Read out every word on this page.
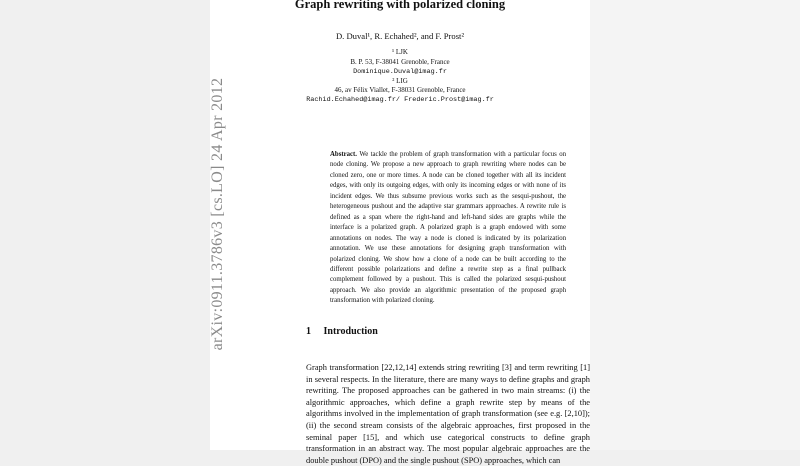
Graph rewriting with polarized cloning
D. Duval¹, R. Echahed², and F. Prost²
¹ LJK
B. P. 53, F-38041 Grenoble, France
Dominique.Duval@imag.fr
² LIG
46, av Félix Viallet, F-38031 Grenoble, France
Rachid.Echahed@imag.fr/ Frederic.Prost@imag.fr
Abstract. We tackle the problem of graph transformation with a particular focus on node cloning. We propose a new approach to graph rewriting where nodes can be cloned zero, one or more times. A node can be cloned together with all its incident edges, with only its outgoing edges, with only its incoming edges or with none of its incident edges. We thus subsume previous works such as the sesqui-pushout, the heterogeneous pushout and the adaptive star grammars approaches. A rewrite rule is defined as a span where the right-hand and left-hand sides are graphs while the interface is a polarized graph. A polarized graph is a graph endowed with some annotations on nodes. The way a node is cloned is indicated by its polarization annotation. We use these annotations for designing graph transformation with polarized cloning. We show how a clone of a node can be built according to the different possible polarizations and define a rewrite step as a final pullback complement followed by a pushout. This is called the polarized sesqui-pushout approach. We also provide an algorithmic presentation of the proposed graph transformation with polarized cloning.
1 Introduction
Graph transformation [22,12,14] extends string rewriting [3] and term rewriting [1] in several respects. In the literature, there are many ways to define graphs and graph rewriting. The proposed approaches can be gathered in two main streams: (i) the algorithmic approaches, which define a graph rewrite step by means of the algorithms involved in the implementation of graph transformation (see e.g. [2,10]); (ii) the second stream consists of the algebraic approaches, first proposed in the seminal paper [15], and which use categorical constructs to define graph transformation in an abstract way. The most popular algebraic approaches are the double pushout (DPO) and the single pushout (SPO) approaches, which can
arXiv:0911.3786v3 [cs.LO] 24 Apr 2012
